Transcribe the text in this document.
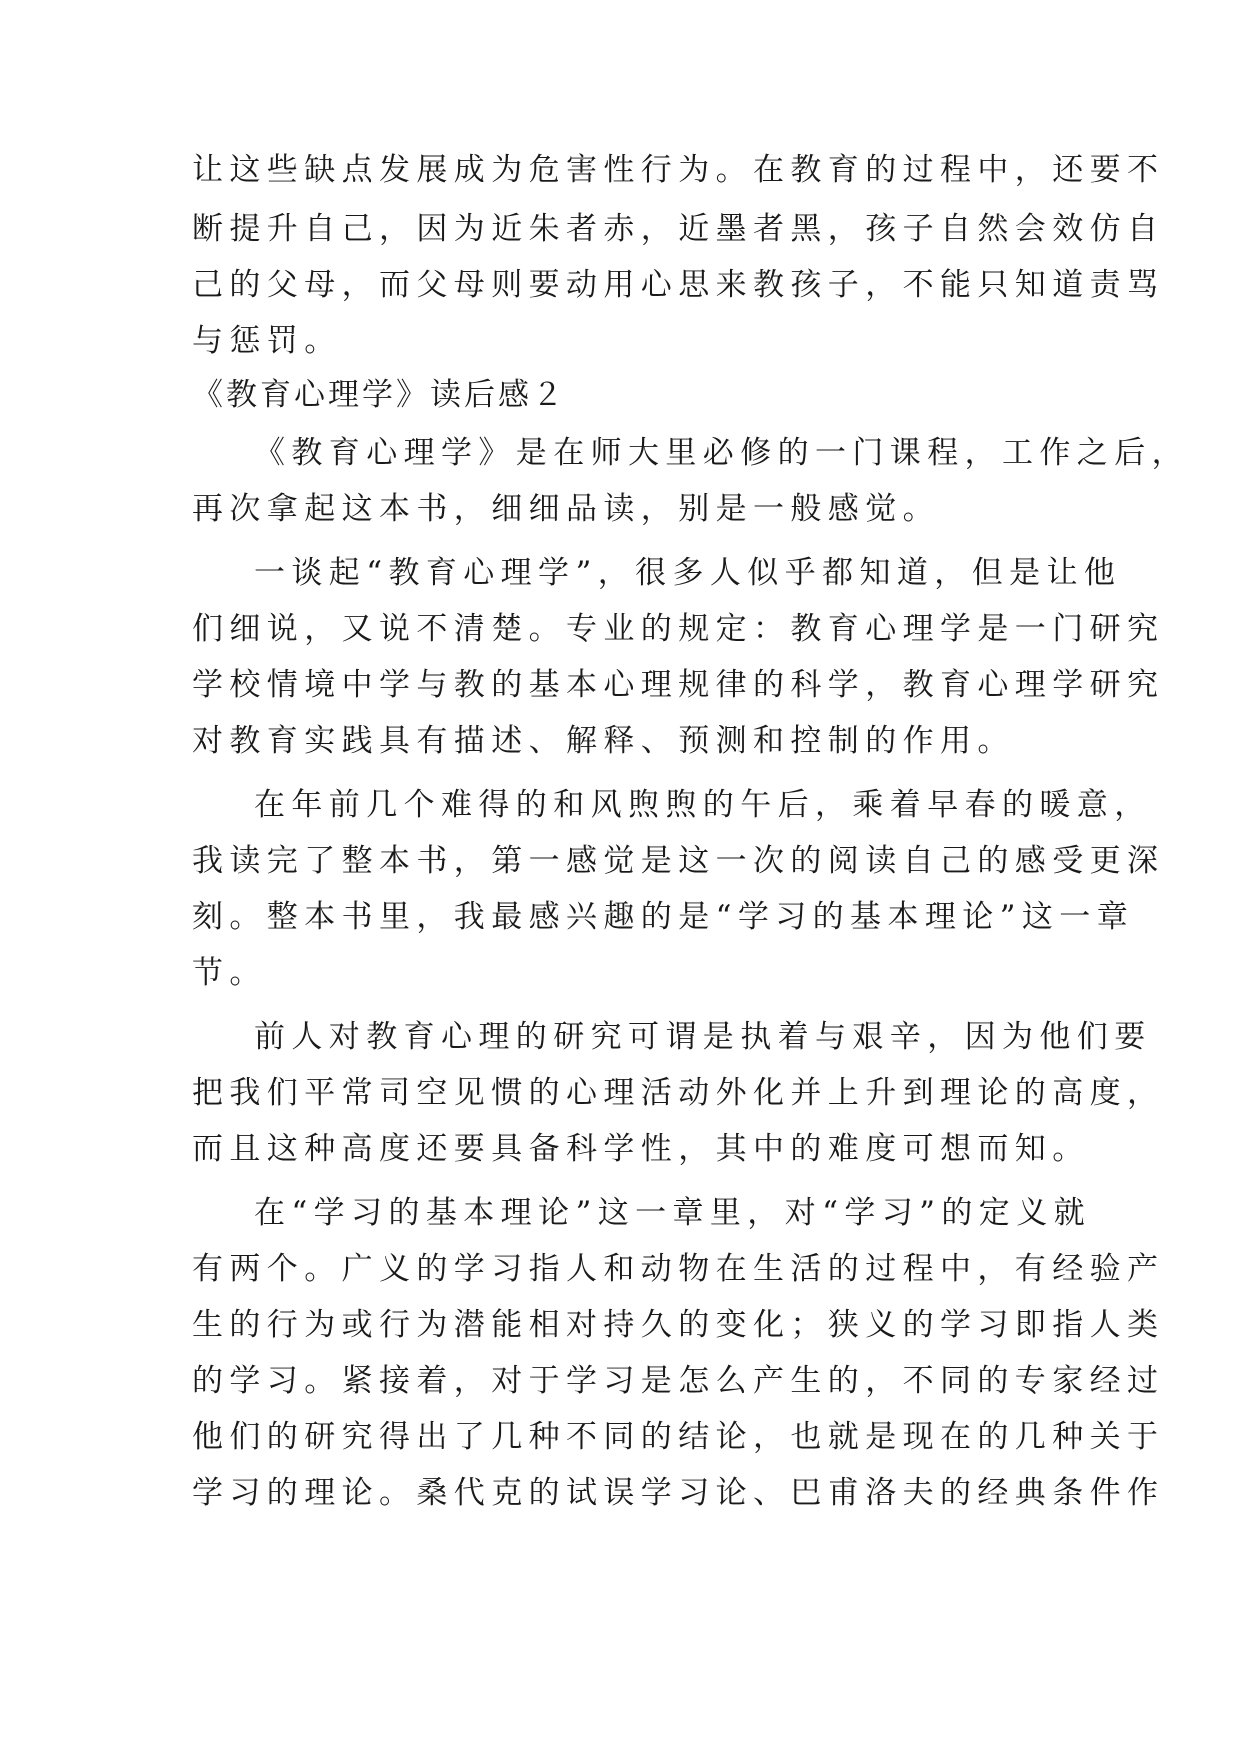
让这些缺点发展成为危害性行为。在教育的过程中，还要不
断提升自己，因为近朱者赤，近墨者黑，孩子自然会效仿自
己的父母，而父母则要动用心思来教孩子，不能只知道责骂
与惩罚。
《教育心理学》读后感２
《教育心理学》是在师大里必修的一门课程，工作之后，
再次拿起这本书，细细品读，别是一般感觉。
一谈起“教育心理学”，很多人似乎都知道，但是让他
们细说，又说不清楚。专业的规定：教育心理学是一门研究
学校情境中学与教的基本心理规律的科学，教育心理学研究
对教育实践具有描述、解释、预测和控制的作用。
在年前几个难得的和风煦煦的午后，乘着早春的暖意，
我读完了整本书，第一感觉是这一次的阅读自己的感受更深
刻。整本书里，我最感兴趣的是“学习的基本理论”这一章
节。
前人对教育心理的研究可谓是执着与艰辛，因为他们要
把我们平常司空见惯的心理活动外化并上升到理论的高度，
而且这种高度还要具备科学性，其中的难度可想而知。
在“学习的基本理论”这一章里，对“学习”的定义就
有两个。广义的学习指人和动物在生活的过程中，有经验产
生的行为或行为潜能相对持久的变化；狭义的学习即指人类
的学习。紧接着，对于学习是怎么产生的，不同的专家经过
他们的研究得出了几种不同的结论，也就是现在的几种关于
学习的理论。桑代克的试误学习论、巴甫洛夫的经典条件作
